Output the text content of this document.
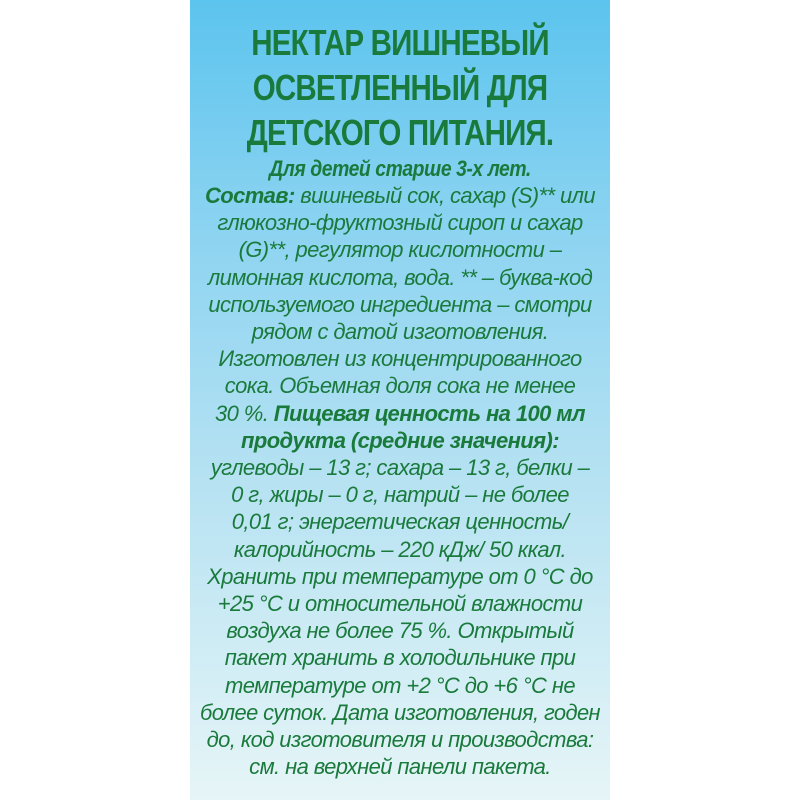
НЕКТАР ВИШНЕВЫЙ

ОСВЕТЛЕННЫЙ ДЛЯ

ДЕТСКОГО ПИТАНИЯ.

Для детей старше 3-х лет.

Состав: вишневый сок, сахар (S)** или

глюкозно-фруктозный сироп и сахар

(G)**, регулятор кислотности –

лимонная кислота, вода. ** – буква-код

используемого ингредиента – смотри

рядом с датой изготовления.

Изготовлен из концентрированного

сока. Объемная доля сока не менее

30 %. Пищевая ценность на 100 мл

продукта (средние значения):

углеводы – 13 г; сахара – 13 г, белки –

0 г, жиры – 0 г, натрий – не более

0,01 г; энергетическая ценность/

калорийность – 220 кДж/ 50 ккал.

Хранить при температуре от 0 °С до

+25 °С и относительной влажности

воздуха не более 75 %. Открытый

пакет хранить в холодильнике при

температуре от +2 °С до +6 °С не

более суток. Дата изготовления, годен

до, код изготовителя и производства:

см. на верхней панели пакета.
